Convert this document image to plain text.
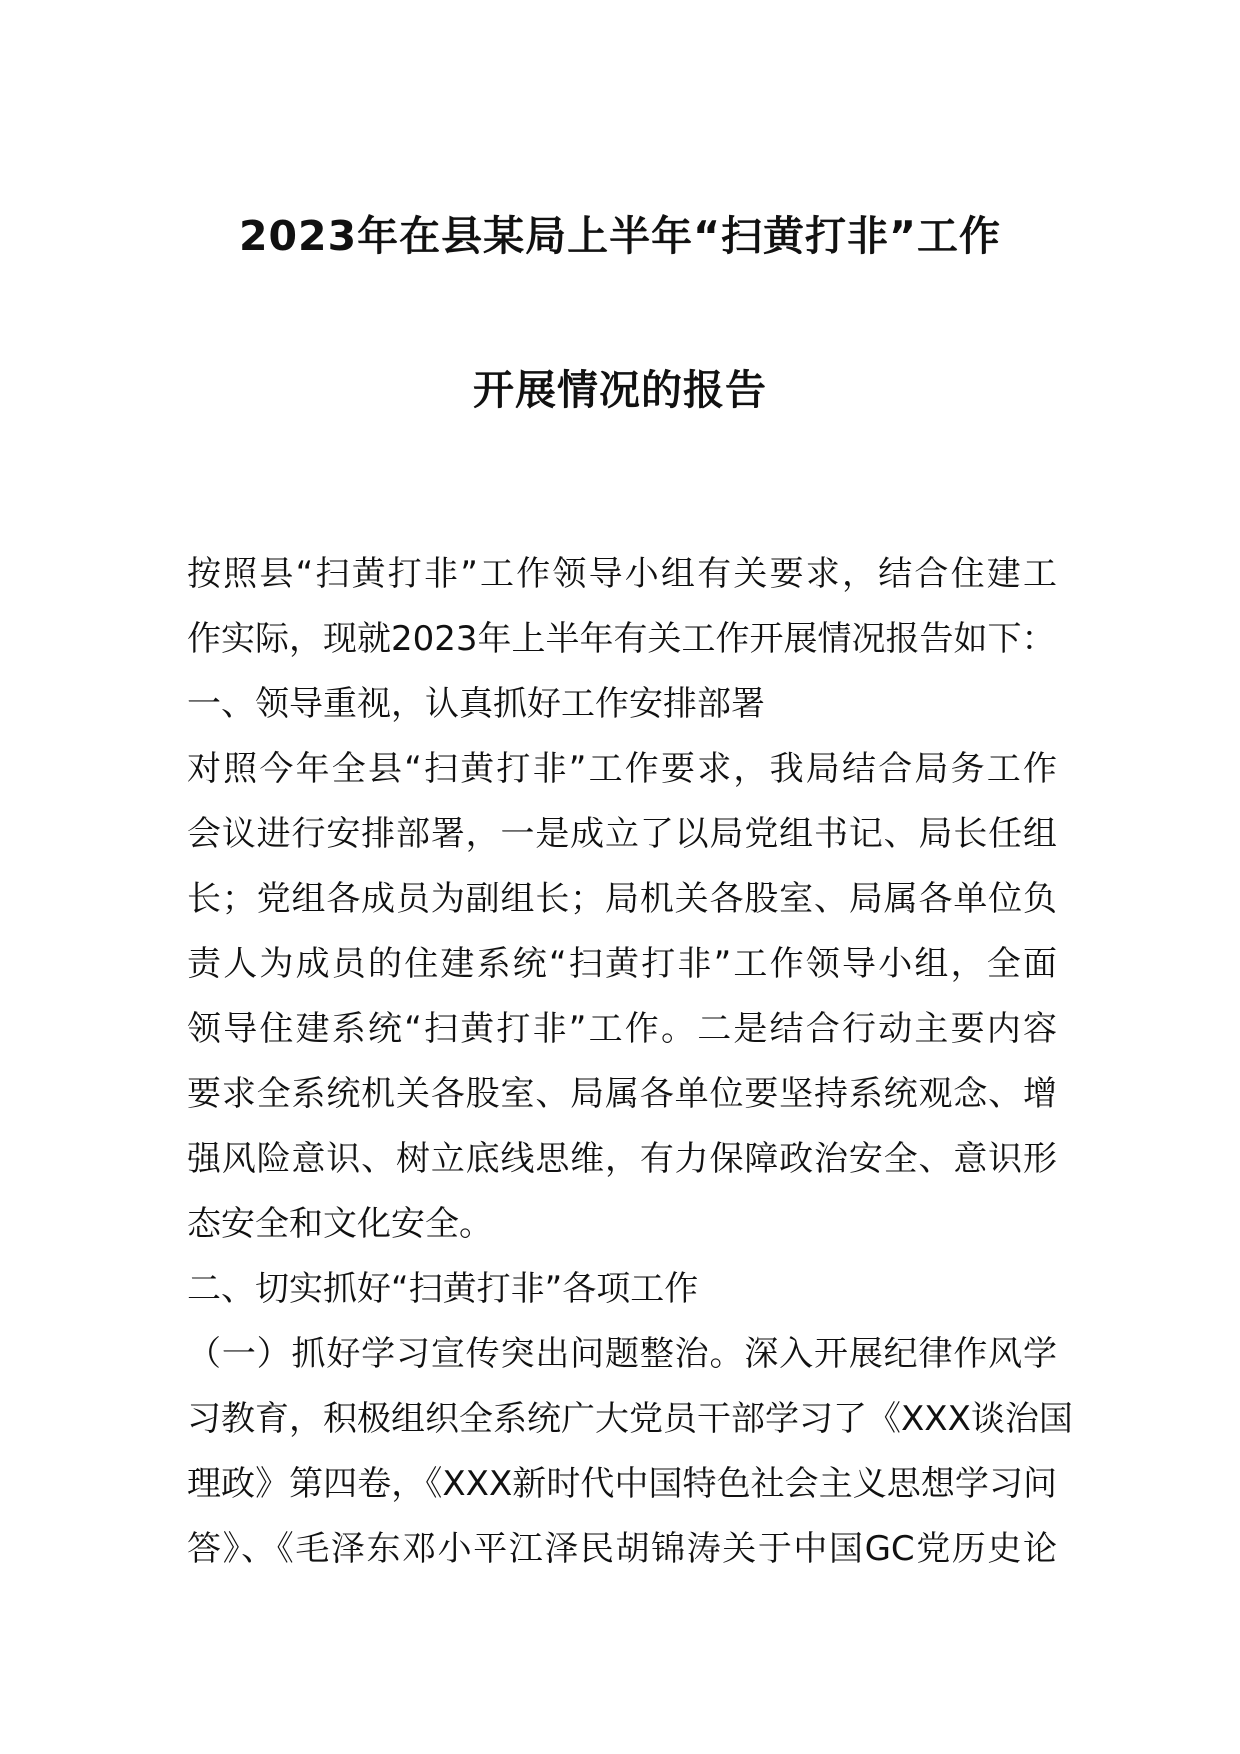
2023年在县某局上半年“扫黄打非”工作
开展情况的报告
按照县“扫黄打非”工作领导小组有关要求，结合住建工
作实际，现就2023年上半年有关工作开展情况报告如下：
一、领导重视，认真抓好工作安排部署
对照今年全县“扫黄打非”工作要求，我局结合局务工作
会议进行安排部署，一是成立了以局党组书记、局长任组
长；党组各成员为副组长；局机关各股室、局属各单位负
责人为成员的住建系统“扫黄打非”工作领导小组，全面
领导住建系统“扫黄打非”工作。二是结合行动主要内容
要求全系统机关各股室、局属各单位要坚持系统观念、增
强风险意识、树立底线思维，有力保障政治安全、意识形
态安全和文化安全。
二、切实抓好“扫黄打非”各项工作
（一）抓好学习宣传突出问题整治。深入开展纪律作风学
习教育，积极组织全系统广大党员干部学习了《XXX谈治国
理政》第四卷，《XXX新时代中国特色社会主义思想学习问
答》、《毛泽东邓小平江泽民胡锦涛关于中国GC党历史论
